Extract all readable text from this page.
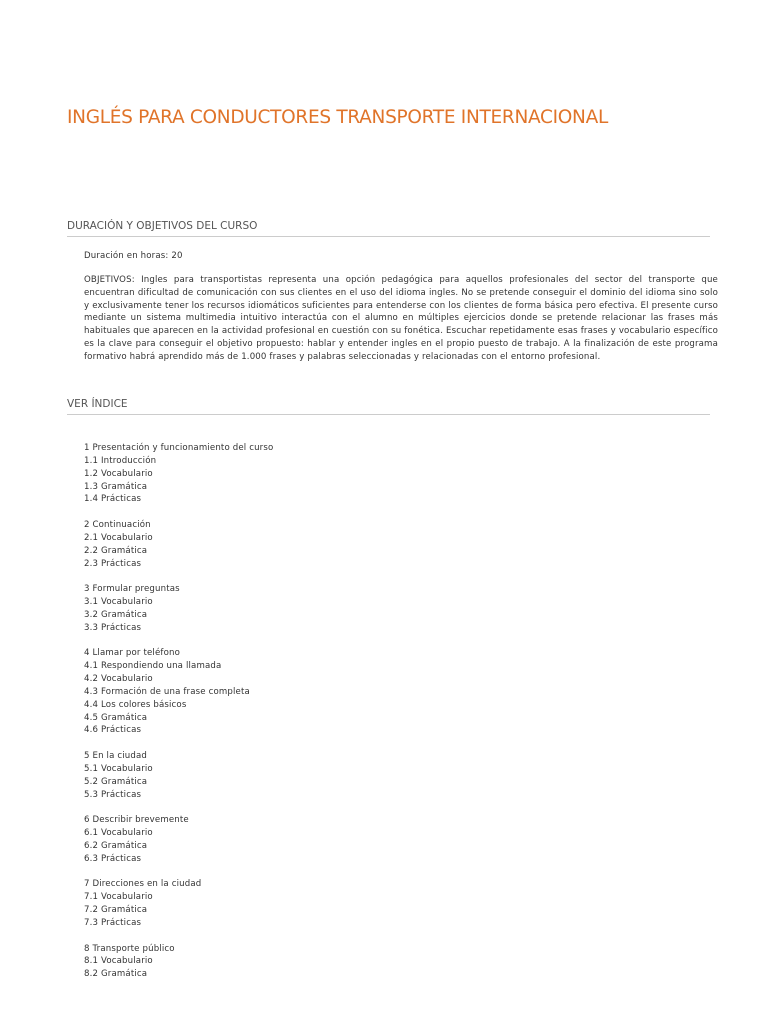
INGLÉS PARA CONDUCTORES TRANSPORTE INTERNACIONAL
DURACIÓN Y OBJETIVOS DEL CURSO
Duración en horas: 20

OBJETIVOS: Ingles para transportistas representa una opción pedagógica para aquellos profesionales del sector del transporte que encuentran dificultad de comunicación con sus clientes en el uso del idioma ingles. No se pretende conseguir el dominio del idioma sino solo y exclusivamente tener los recursos idiomáticos suficientes para entenderse con los clientes de forma básica pero efectiva. El presente curso mediante un sistema multimedia intuitivo interactúa con el alumno en múltiples ejercicios donde se pretende relacionar las frases más habituales que aparecen en la actividad profesional en cuestión con su fonética. Escuchar repetidamente esas frases y vocabulario específico es la clave para conseguir el objetivo propuesto: hablar y entender ingles en el propio puesto de trabajo. A la finalización de este programa formativo habrá aprendido más de 1.000 frases y palabras seleccionadas y relacionadas con el entorno profesional.

VER ÍNDICE
1 Presentación y funcionamiento del curso
1.1 Introducción
1.2 Vocabulario
1.3 Gramática
1.4 Prácticas
2 Continuación
2.1 Vocabulario
2.2 Gramática
2.3 Prácticas
3 Formular preguntas
3.1 Vocabulario
3.2 Gramática
3.3 Prácticas
4 Llamar por teléfono
4.1 Respondiendo una llamada
4.2 Vocabulario
4.3 Formación de una frase completa
4.4 Los colores básicos
4.5 Gramática
4.6 Prácticas
5 En la ciudad
5.1 Vocabulario
5.2 Gramática
5.3 Prácticas
6 Describir brevemente
6.1 Vocabulario
6.2 Gramática
6.3 Prácticas
7 Direcciones en la ciudad
7.1 Vocabulario
7.2 Gramática
7.3 Prácticas
8 Transporte público
8.1 Vocabulario
8.2 Gramática
